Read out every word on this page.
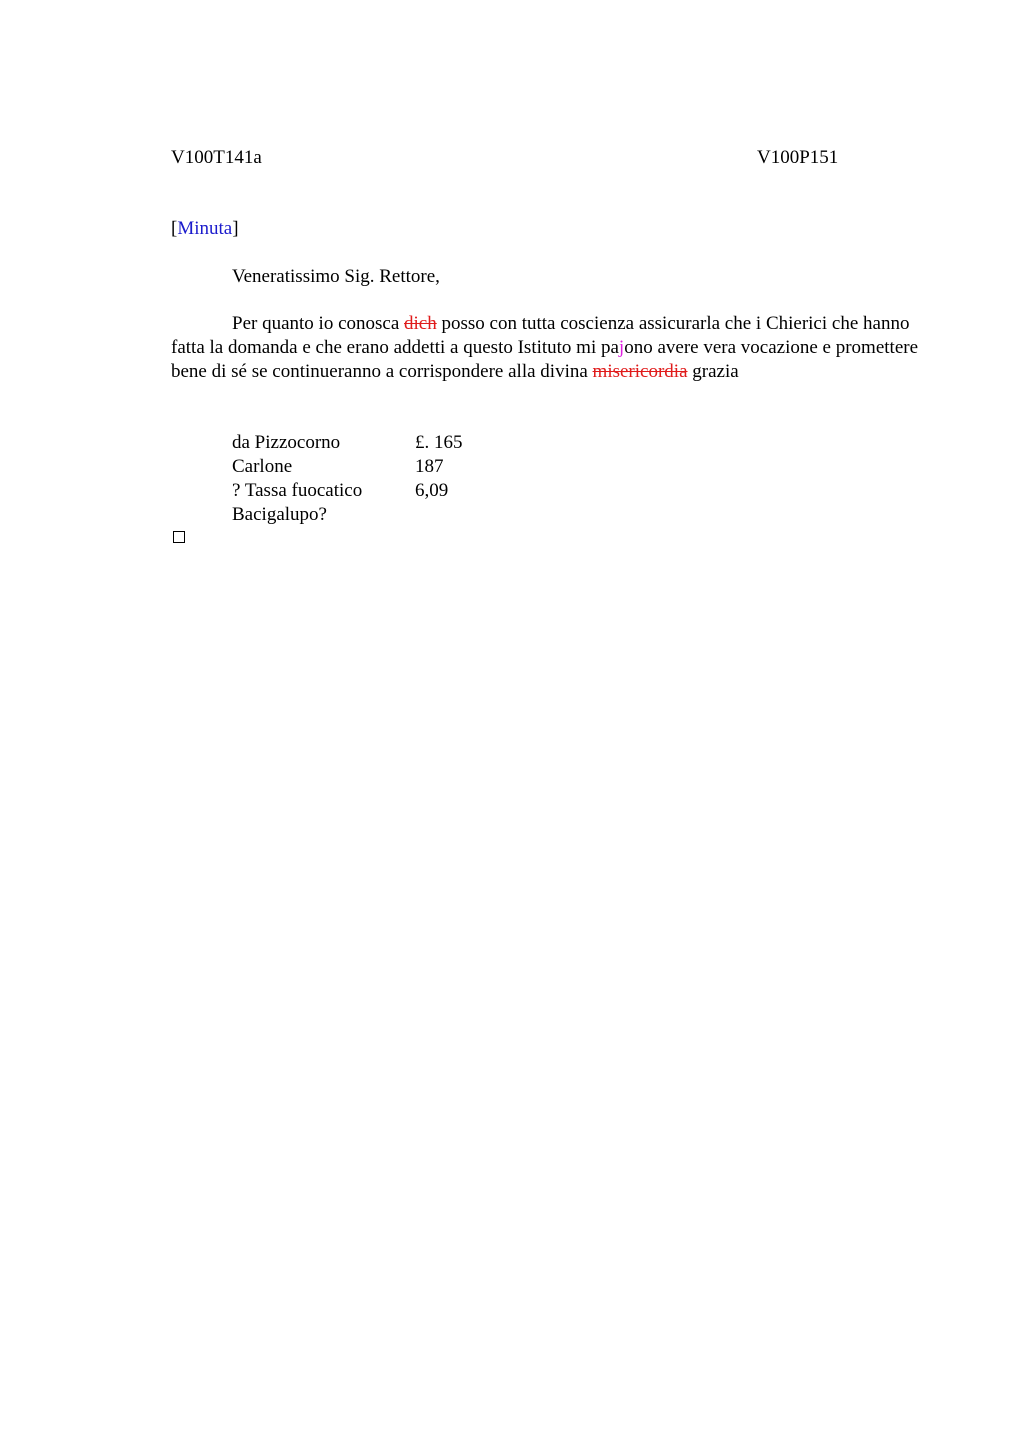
V100T141a	V100P151
[Minuta]
Veneratissimo Sig. Rettore,

Per quanto io conosca dich posso con tutta coscienza assicurarla che i Chierici che hanno fatta la domanda e che erano addetti a questo Istituto mi pajono avere vera vocazione e promettere bene di sé se continueranno a corrispondere alla divina misericordia grazia

da Pizzocorno	£. 165
Carlone	187
? Tassa fuocatico	6,09
Bacigalupo?
